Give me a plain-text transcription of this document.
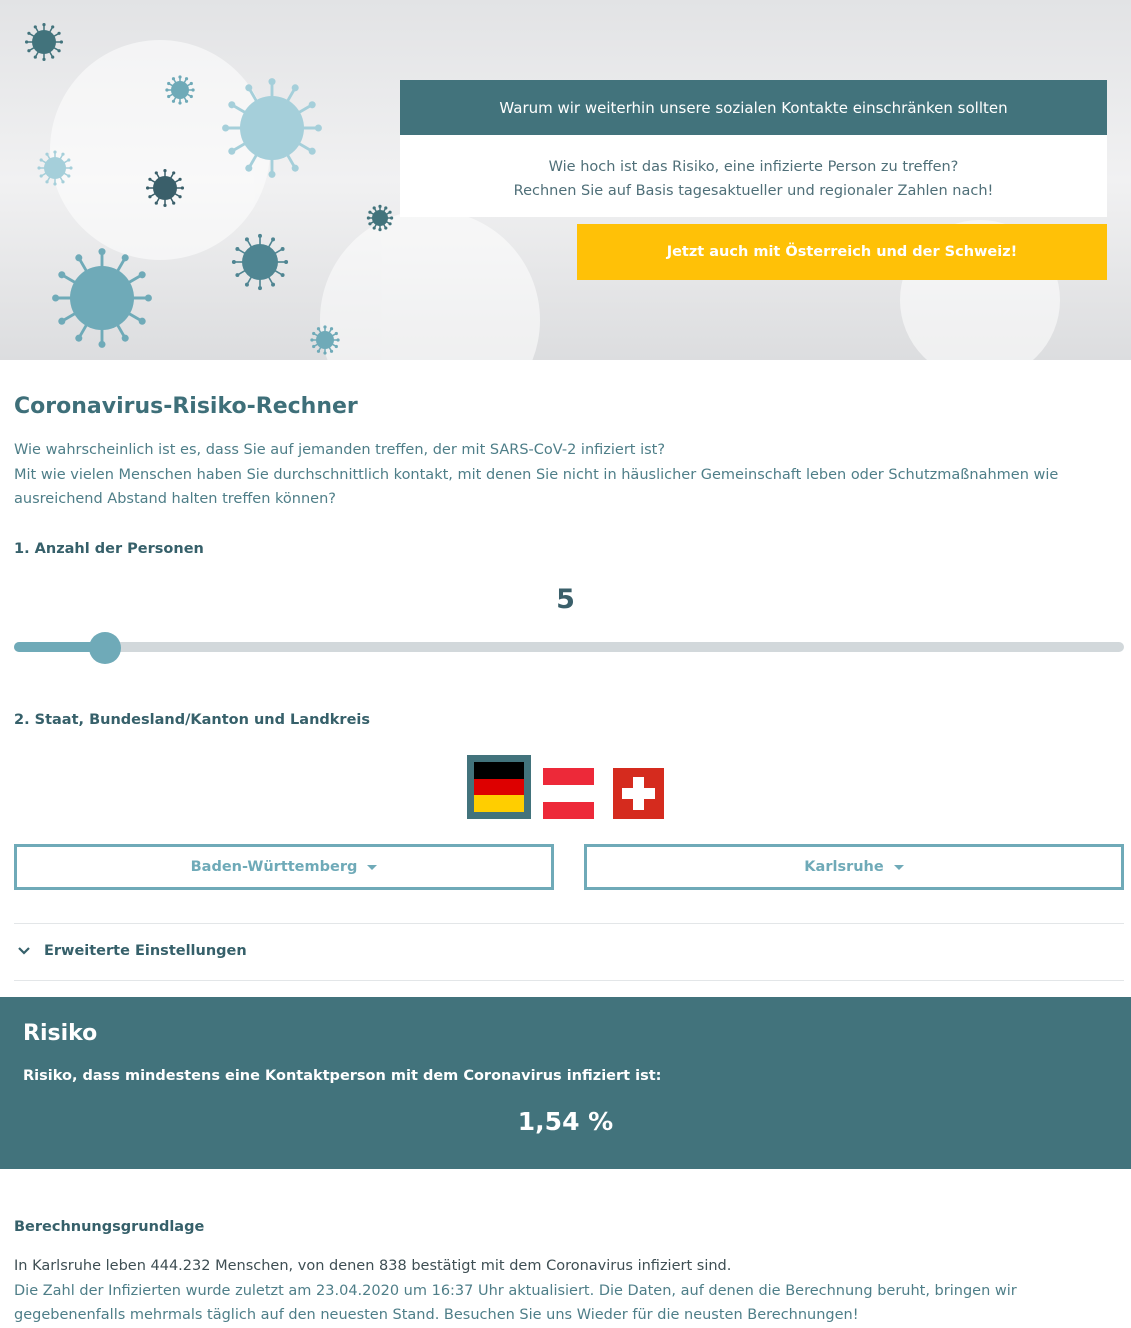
Warum wir weiterhin unsere sozialen Kontakte einschränken sollten
Wie hoch ist das Risiko, eine infizierte Person zu treffen?
Rechnen Sie auf Basis tagesaktueller und regionaler Zahlen nach!
Jetzt auch mit Österreich und der Schweiz!
Coronavirus-Risiko-Rechner
Wie wahrscheinlich ist es, dass Sie auf jemanden treffen, der mit SARS-CoV-2 infiziert ist?
Mit wie vielen Menschen haben Sie durchschnittlich kontakt, mit denen Sie nicht in häuslicher Gemeinschaft leben oder Schutzmaßnahmen wie ausreichend Abstand halten treffen können?
1. Anzahl der Personen
5
2. Staat, Bundesland/Kanton und Landkreis
Baden-Württemberg	Karlsruhe
Erweiterte Einstellungen
Risiko
Risiko, dass mindestens eine Kontaktperson mit dem Coronavirus infiziert ist:
1,54 %
Berechnungsgrundlage
In Karlsruhe leben 444.232 Menschen, von denen 838 bestätigt mit dem Coronavirus infiziert sind.
Die Zahl der Infizierten wurde zuletzt am 23.04.2020 um 16:37 Uhr aktualisiert. Die Daten, auf denen die Berechnung beruht, bringen wir gegebenenfalls mehrmals täglich auf den neuesten Stand. Besuchen Sie uns Wieder für die neusten Berechnungen!
